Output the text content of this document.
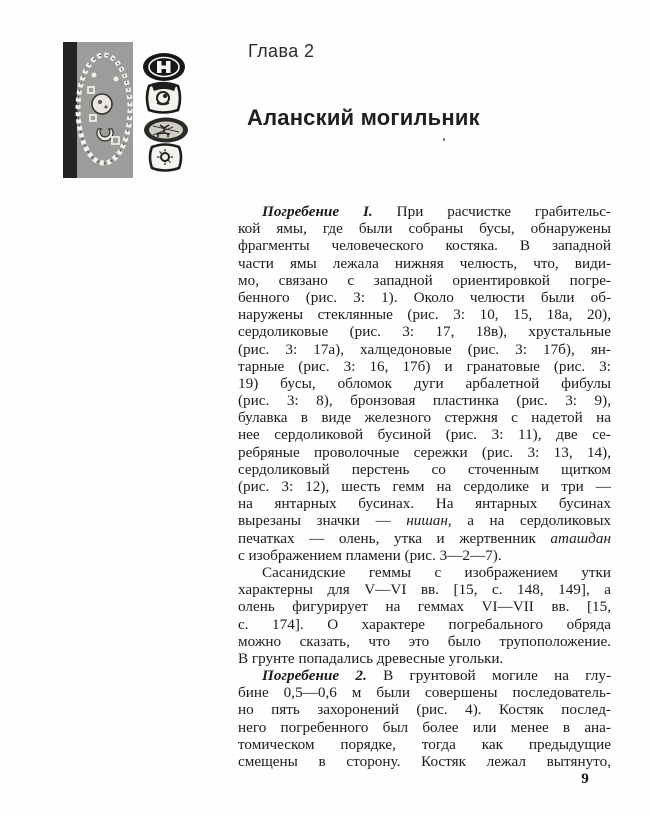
Глава 2
Аланский могильник
Погребение I. При расчистке грабительс-
кой ямы, где были собраны бусы, обнаружены
фрагменты человеческого костяка. В западной
части ямы лежала нижняя челюсть, что, види-
мо, связано с западной ориентировкой погре-
бенного (рис. 3: 1). Около челюсти были об-
наружены стеклянные (рис. 3: 10, 15, 18а, 20),
сердоликовые (рис. 3: 17, 18в), хрустальные
(рис. 3: 17а), халцедоновые (рис. 3: 17б), ян-
тарные (рис. 3: 16, 17б) и гранатовые (рис. 3:
19) бусы, обломок дуги арбалетной фибулы
(рис. 3: 8), бронзовая пластинка (рис. 3: 9),
булавка в виде железного стержня с надетой на
нее сердоликовой бусиной (рис. 3: 11), две се-
ребряные проволочные сережки (рис. 3: 13, 14),
сердоликовый перстень со сточенным щитком
(рис. 3: 12), шесть гемм на сердолике и три —
на янтарных бусинах. На янтарных бусинах
вырезаны значки — нишан, а на сердоликовых
печатках — олень, утка и жертвенник аташдан
с изображением пламени (рис. 3—2—7).
Сасанидские геммы с изображением утки
характерны для V—VI вв. [15, с. 148, 149], а
олень фигурирует на геммах VI—VII вв. [15,
с. 174]. О характере погребального обряда
можно сказать, что это было трупоположение.
В грунте попадались древесные угольки.
Погребение 2. В грунтовой могиле на глу-
бине 0,5—0,6 м были совершены последователь-
но пять захоронений (рис. 4). Костяк послед-
него погребенного был более или менее в ана-
томическом порядке, тогда как предыдущие
смещены в сторону. Костяк лежал вытянуто,
9
